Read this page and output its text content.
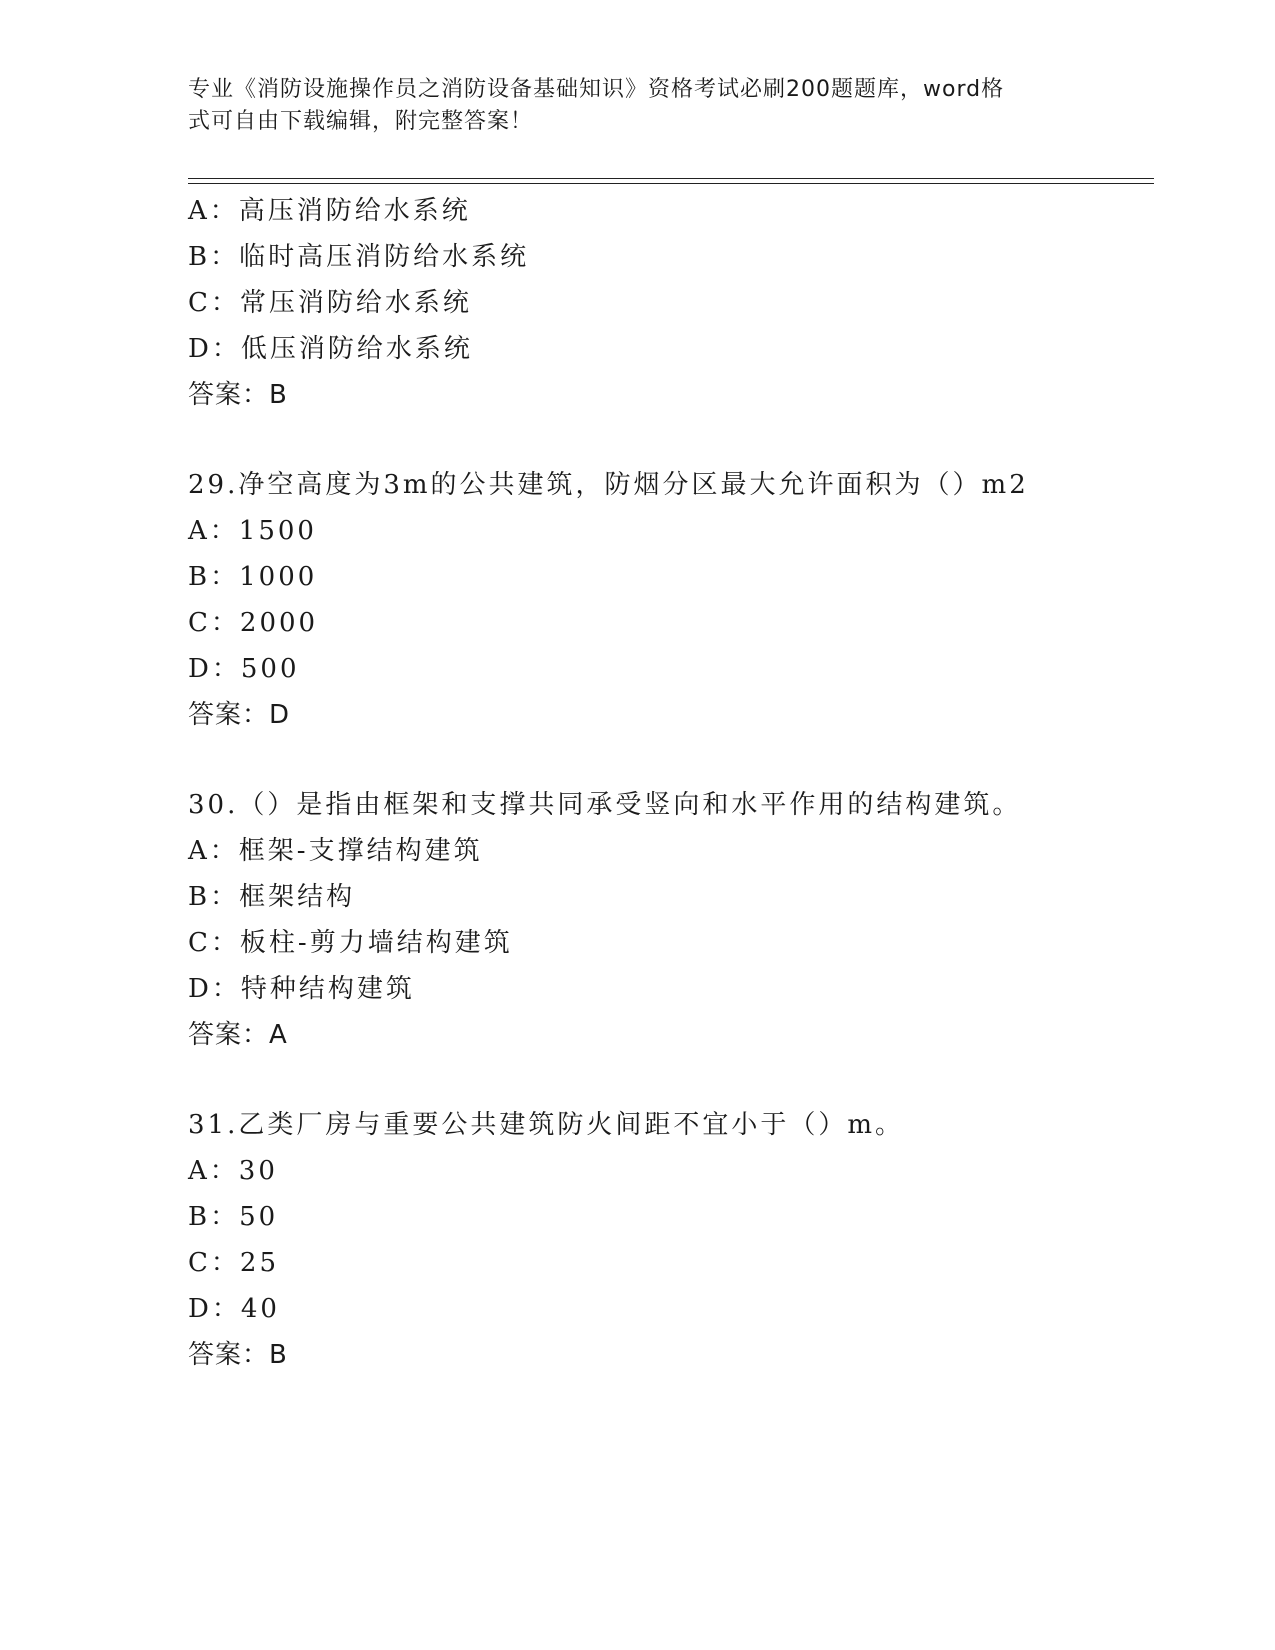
专业《消防设施操作员之消防设备基础知识》资格考试必刷200题题库，word格
式可自由下载编辑，附完整答案！
A：高压消防给水系统
B：临时高压消防给水系统
C：常压消防给水系统
D：低压消防给水系统
答案：B
29.净空高度为3m的公共建筑，防烟分区最大允许面积为（）m2
A：1500
B：1000
C：2000
D：500
答案：D
30.（）是指由框架和支撑共同承受竖向和水平作用的结构建筑。
A：框架-支撑结构建筑
B：框架结构
C：板柱-剪力墙结构建筑
D：特种结构建筑
答案：A
31.乙类厂房与重要公共建筑防火间距不宜小于（）m。
A：30
B：50
C：25
D：40
答案：B
